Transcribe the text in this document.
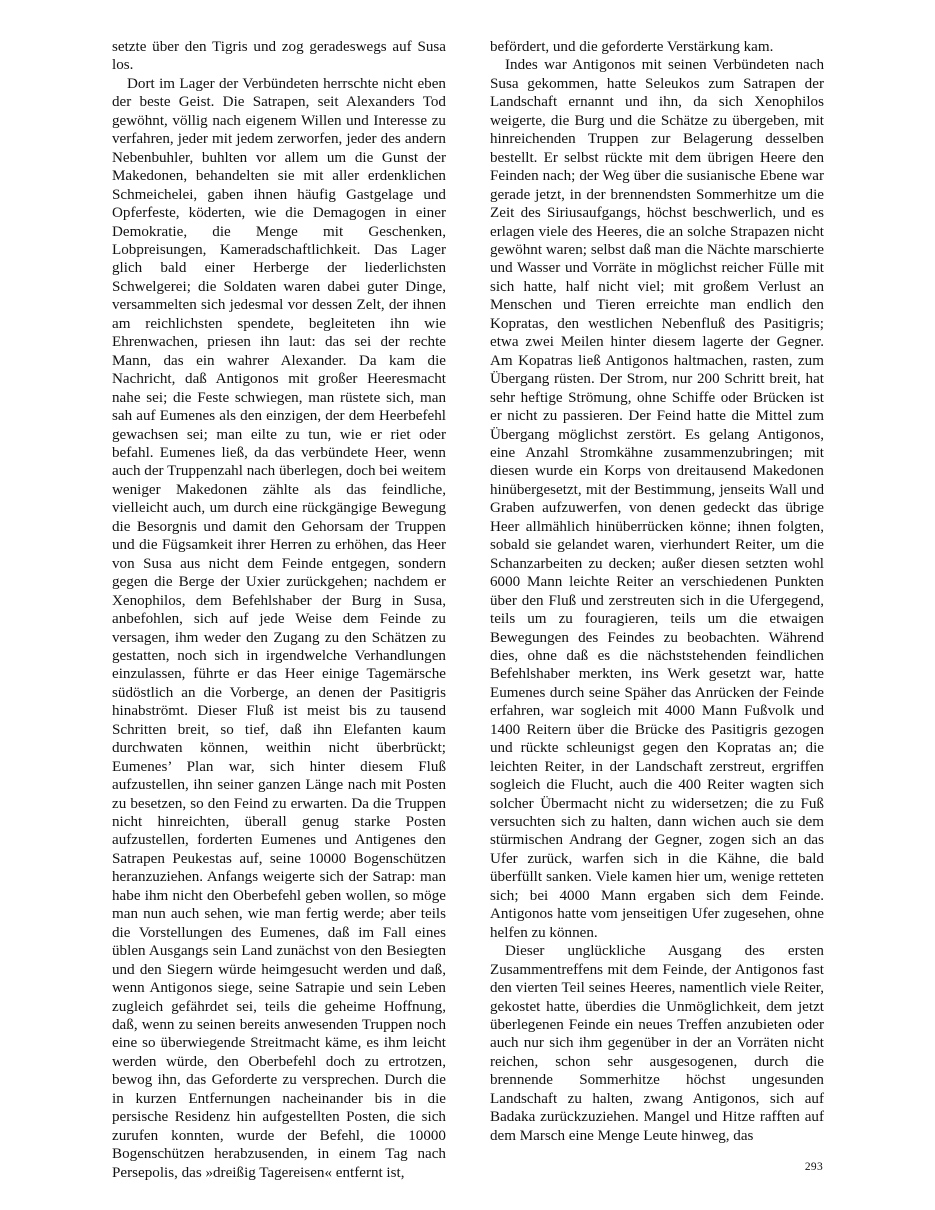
setzte über den Tigris und zog geradeswegs auf Susa los.

Dort im Lager der Verbündeten herrschte nicht eben der beste Geist. Die Satrapen, seit Alexanders Tod gewöhnt, völlig nach eigenem Willen und Interesse zu verfahren, jeder mit jedem zerworfen, jeder des andern Nebenbuhler, buhlten vor allem um die Gunst der Makedonen, behandelten sie mit aller erdenklichen Schmeichelei, gaben ihnen häufig Gastgelage und Opferfeste, köderten, wie die Demagogen in einer Demokratie, die Menge mit Geschenken, Lobpreisungen, Kameradschaftlichkeit. Das Lager glich bald einer Herberge der liederlichsten Schwelgerei; die Soldaten waren dabei guter Dinge, versammelten sich jedesmal vor dessen Zelt, der ihnen am reichlichsten spendete, begleiteten ihn wie Ehrenwachen, priesen ihn laut: das sei der rechte Mann, das ein wahrer Alexander. Da kam die Nachricht, daß Antigonos mit großer Heeresmacht nahe sei; die Feste schwiegen, man rüstete sich, man sah auf Eumenes als den einzigen, der dem Heerbefehl gewachsen sei; man eilte zu tun, wie er riet oder befahl. Eumenes ließ, da das verbündete Heer, wenn auch der Truppenzahl nach überlegen, doch bei weitem weniger Makedonen zählte als das feindliche, vielleicht auch, um durch eine rückgängige Bewegung die Besorgnis und damit den Gehorsam der Truppen und die Fügsamkeit ihrer Herren zu erhöhen, das Heer von Susa aus nicht dem Feinde entgegen, sondern gegen die Berge der Uxier zurückgehen; nachdem er Xenophilos, dem Befehlshaber der Burg in Susa, anbefohlen, sich auf jede Weise dem Feinde zu versagen, ihm weder den Zugang zu den Schätzen zu gestatten, noch sich in irgendwelche Verhandlungen einzulassen, führte er das Heer einige Tagemärsche südöstlich an die Vorberge, an denen der Pasitigris hinabströmt. Dieser Fluß ist meist bis zu tausend Schritten breit, so tief, daß ihn Elefanten kaum durchwaten können, weithin nicht überbrückt; Eumenes’ Plan war, sich hinter diesem Fluß aufzustellen, ihn seiner ganzen Länge nach mit Posten zu besetzen, so den Feind zu erwarten. Da die Truppen nicht hinreichten, überall genug starke Posten aufzustellen, forderten Eumenes und Antigenes den Satrapen Peukestas auf, seine 10000 Bogenschützen heranzuziehen. Anfangs weigerte sich der Satrap: man habe ihm nicht den Oberbefehl geben wollen, so möge man nun auch sehen, wie man fertig werde; aber teils die Vorstellungen des Eumenes, daß im Fall eines üblen Ausgangs sein Land zunächst von den Besiegten und den Siegern würde heimgesucht werden und daß, wenn Antigonos siege, seine Satrapie und sein Leben zugleich gefährdet sei, teils die geheime Hoffnung, daß, wenn zu seinen bereits anwesenden Truppen noch eine so überwiegende Streitmacht käme, es ihm leicht werden würde, den Oberbefehl doch zu ertrotzen, bewog ihn, das Geforderte zu versprechen. Durch die in kurzen Entfernungen nacheinander bis in die persische Residenz hin aufgestellten Posten, die sich zurufen konnten, wurde der Befehl, die 10000 Bogenschützen herabzusenden, in einem Tag nach Persepolis, das »dreißig Tagereisen« entfernt ist,

befördert, und die geforderte Verstärkung kam.

Indes war Antigonos mit seinen Verbündeten nach Susa gekommen, hatte Seleukos zum Satrapen der Landschaft ernannt und ihn, da sich Xenophilos weigerte, die Burg und die Schätze zu übergeben, mit hinreichenden Truppen zur Belagerung desselben bestellt. Er selbst rückte mit dem übrigen Heere den Feinden nach; der Weg über die susianische Ebene war gerade jetzt, in der brennendsten Sommerhitze um die Zeit des Siriusaufgangs, höchst beschwerlich, und es erlagen viele des Heeres, die an solche Strapazen nicht gewöhnt waren; selbst daß man die Nächte marschierte und Wasser und Vorräte in möglichst reicher Fülle mit sich hatte, half nicht viel; mit großem Verlust an Menschen und Tieren erreichte man endlich den Kopratas, den westlichen Nebenfluß des Pasitigris; etwa zwei Meilen hinter diesem lagerte der Gegner. Am Kopatras ließ Antigonos haltmachen, rasten, zum Übergang rüsten. Der Strom, nur 200 Schritt breit, hat sehr heftige Strömung, ohne Schiffe oder Brücken ist er nicht zu passieren. Der Feind hatte die Mittel zum Übergang möglichst zerstört. Es gelang Antigonos, eine Anzahl Stromkähne zusammenzubringen; mit diesen wurde ein Korps von dreitausend Makedonen hinübergesetzt, mit der Bestimmung, jenseits Wall und Graben aufzuwerfen, von denen gedeckt das übrige Heer allmählich hinüberrücken könne; ihnen folgten, sobald sie gelandet waren, vierhundert Reiter, um die Schanzarbeiten zu decken; außer diesen setzten wohl 6000 Mann leichte Reiter an verschiedenen Punkten über den Fluß und zerstreuten sich in die Ufergegend, teils um zu fouragieren, teils um die etwaigen Bewegungen des Feindes zu beobachten. Während dies, ohne daß es die nächststehenden feindlichen Befehlshaber merkten, ins Werk gesetzt war, hatte Eumenes durch seine Späher das Anrücken der Feinde erfahren, war sogleich mit 4000 Mann Fußvolk und 1400 Reitern über die Brücke des Pasitigris gezogen und rückte schleunigst gegen den Kopratas an; die leichten Reiter, in der Landschaft zerstreut, ergriffen sogleich die Flucht, auch die 400 Reiter wagten sich solcher Übermacht nicht zu widersetzen; die zu Fuß versuchten sich zu halten, dann wichen auch sie dem stürmischen Andrang der Gegner, zogen sich an das Ufer zurück, warfen sich in die Kähne, die bald überfüllt sanken. Viele kamen hier um, wenige retteten sich; bei 4000 Mann ergaben sich dem Feinde. Antigonos hatte vom jenseitigen Ufer zugesehen, ohne helfen zu können.

Dieser unglückliche Ausgang des ersten Zusammentreffens mit dem Feinde, der Antigonos fast den vierten Teil seines Heeres, namentlich viele Reiter, gekostet hatte, überdies die Unmöglichkeit, dem jetzt überlegenen Feinde ein neues Treffen anzubieten oder auch nur sich ihm gegenüber in der an Vorräten nicht reichen, schon sehr ausgesogenen, durch die brennende Sommerhitze höchst ungesunden Landschaft zu halten, zwang Antigonos, sich auf Badaka zurückzuziehen. Mangel und Hitze rafften auf dem Marsch eine Menge Leute hinweg, das

293
